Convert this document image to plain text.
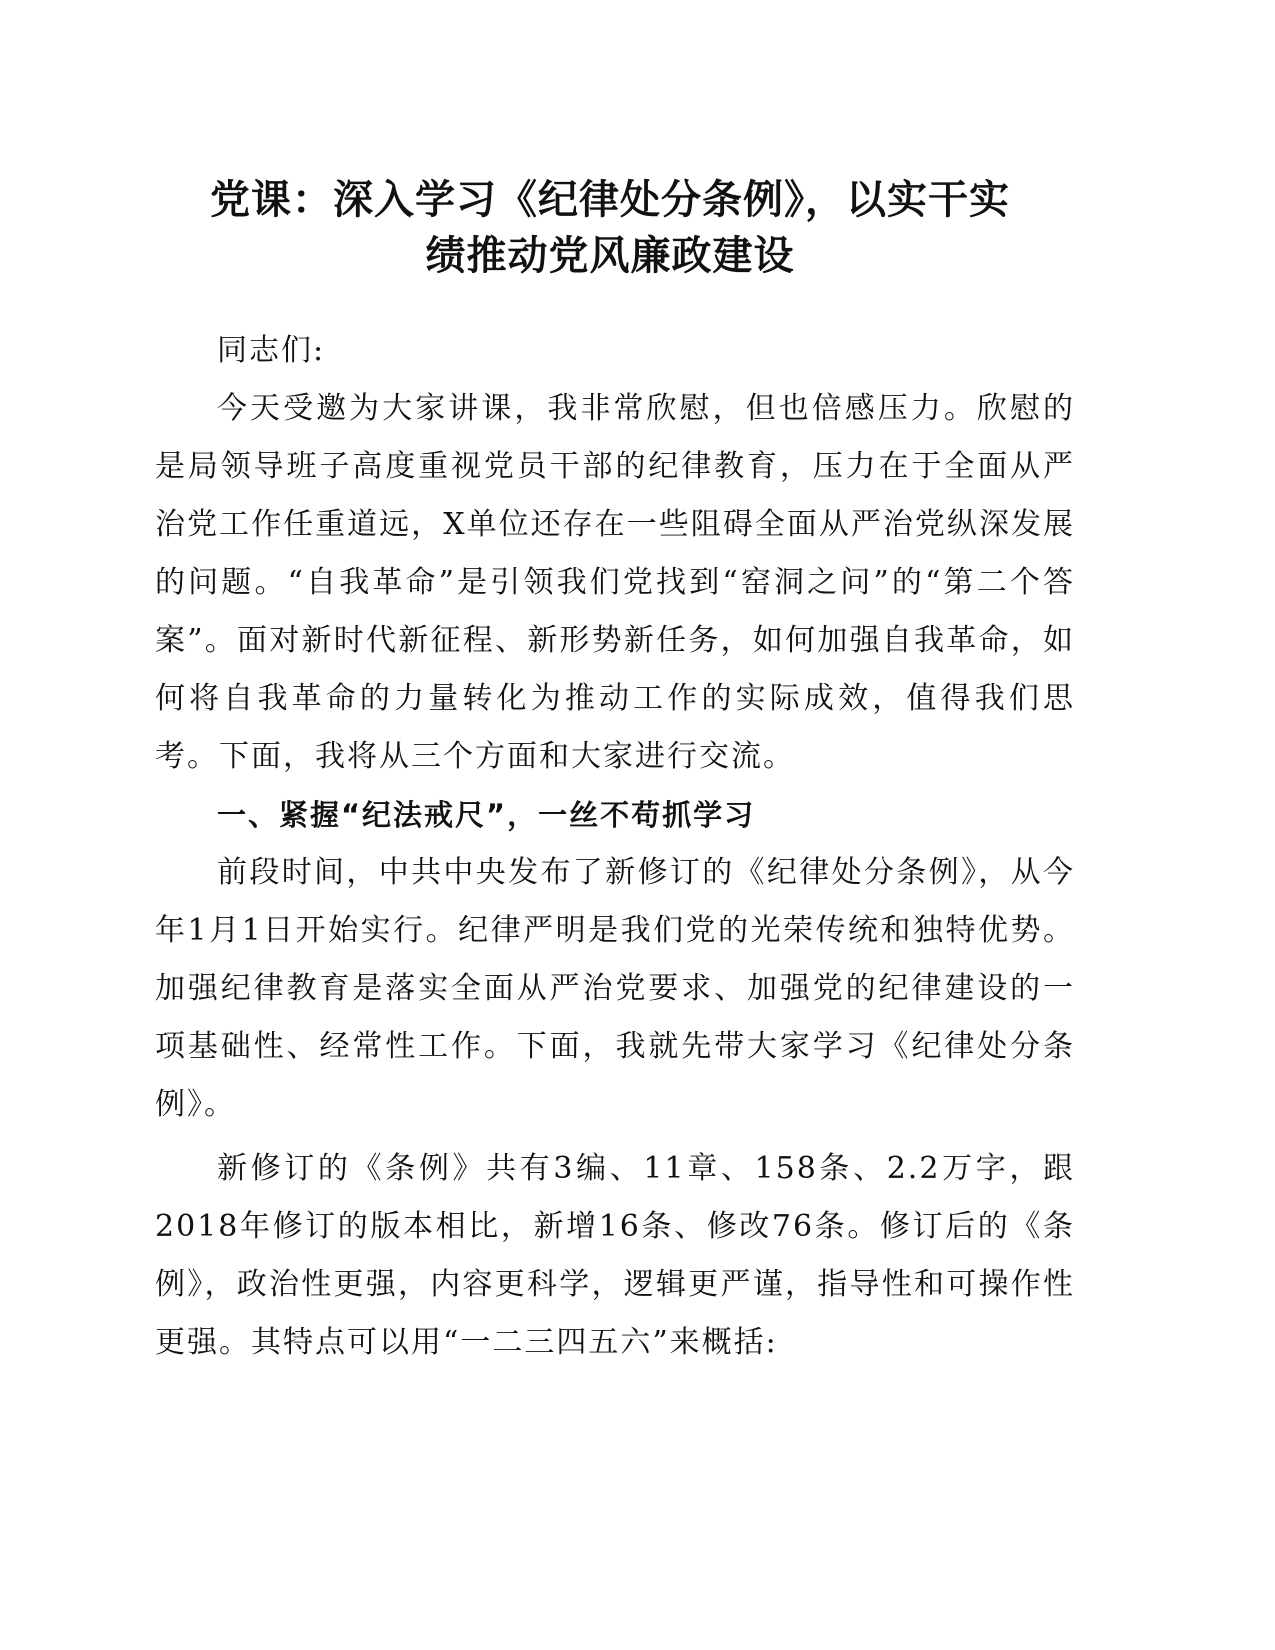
党课：深入学习《纪律处分条例》，以实干实
绩推动党风廉政建设

同志们:

今天受邀为大家讲课，我非常欣慰，但也倍感压力。欣慰的是局领导班子高度重视党员干部的纪律教育，压力在于全面从严治党工作任重道远，X单位还存在一些阻碍全面从严治党纵深发展的问题。“自我革命”是引领我们党找到“窑洞之问”的“第二个答案”。面对新时代新征程、新形势新任务，如何加强自我革命，如何将自我革命的力量转化为推动工作的实际成效，值得我们思考。下面，我将从三个方面和大家进行交流。

一、紧握“纪法戒尺”，一丝不苟抓学习

前段时间，中共中央发布了新修订的《纪律处分条例》，从今年1月1日开始实行。纪律严明是我们党的光荣传统和独特优势。加强纪律教育是落实全面从严治党要求、加强党的纪律建设的一项基础性、经常性工作。下面，我就先带大家学习《纪律处分条例》。

新修订的《条例》共有3编、11章、158条、2.2万字，跟2018年修订的版本相比，新增16条、修改76条。修订后的《条例》，政治性更强，内容更科学，逻辑更严谨，指导性和可操作性更强。其特点可以用“一二三四五六”来概括:
